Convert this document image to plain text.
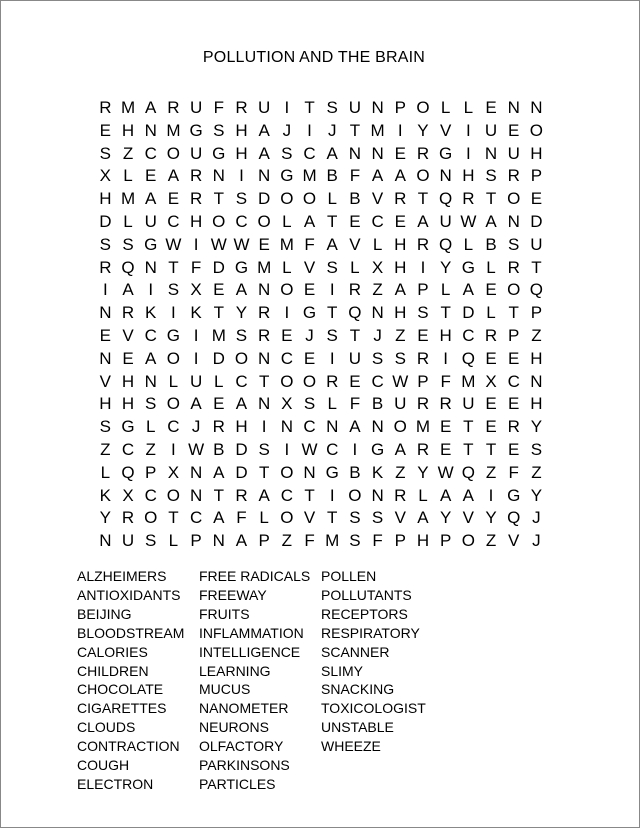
POLLUTION AND THE BRAIN
R M A R U F R U I T S U N P O L L E N N
E H N M G S H A J I J T M I Y V I U E O
S Z C O U G H A S C A N N E R G I N U H
X L E A R N I N G M B F A A O N H S R P
H M A E R T S D O O L B V R T Q R T O E
D L U C H O C O L A T E C E A U W A N D
S S G W I W W E M F A V L H R Q L B S U
R Q N T F D G M L V S L X H I Y G L R T
I A I S X E A N O E I R Z A P L A E O Q
N R K I K T Y R I G T Q N H S T D L T P
E V C G I M S R E J S T J Z E H C R P Z
N E A O I D O N C E I U S S R I Q E E H
V H N L U L C T O O R E C W P F M X C N
H H S O A E A N X S L F B U R R U E E H
S G L C J R H I N C N A N O M E T E R Y
Z C Z I W B D S I W C I G A R E T T E S
L Q P X N A D T O N G B K Z Y W Q Z F Z
K X C O N T R A C T I O N R L A A I G Y
Y R O T C A F L O V T S S V A Y V Y Q J
N U S L P N A P Z F M S F P H P O Z V J
ALZHEIMERS
ANTIOXIDANTS
BEIJING
BLOODSTREAM
CALORIES
CHILDREN
CHOCOLATE
CIGARETTES
CLOUDS
CONTRACTION
COUGH
ELECTRON
FREE RADICALS
FREEWAY
FRUITS
INFLAMMATION
INTELLIGENCE
LEARNING
MUCUS
NANOMETER
NEURONS
OLFACTORY
PARKINSONS
PARTICLES
POLLEN
POLLUTANTS
RECEPTORS
RESPIRATORY
SCANNER
SLIMY
SNACKING
TOXICOLOGIST
UNSTABLE
WHEEZE
